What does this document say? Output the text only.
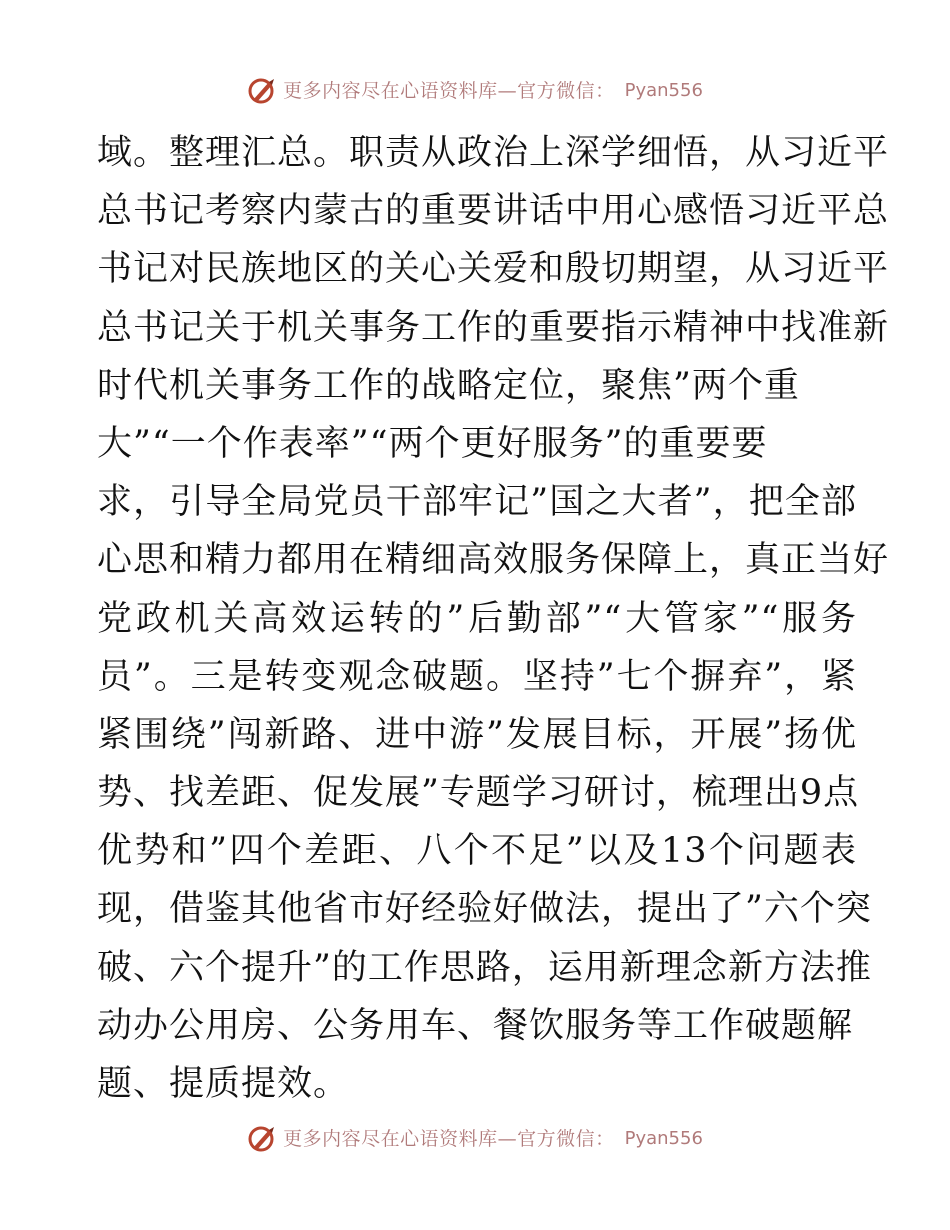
更多内容尽在心语资料库—官方微信： Pyan556
域。整理汇总。职责从政治上深学细悟，从习近平
总书记考察内蒙古的重要讲话中用心感悟习近平总
书记对民族地区的关心关爱和殷切期望，从习近平
总书记关于机关事务工作的重要指示精神中找准新
时代机关事务工作的战略定位，聚焦”两个重
大”“一个作表率”“两个更好服务”的重要要
求，引导全局党员干部牢记”国之大者”，把全部
心思和精力都用在精细高效服务保障上，真正当好
党政机关高效运转的”后勤部”“大管家”“服务
员”。三是转变观念破题。坚持”七个摒弃”，紧
紧围绕”闯新路、进中游”发展目标，开展”扬优
势、找差距、促发展”专题学习研讨，梳理出9点
优势和”四个差距、八个不足”以及13个问题表
现，借鉴其他省市好经验好做法，提出了”六个突
破、六个提升”的工作思路，运用新理念新方法推
动办公用房、公务用车、餐饮服务等工作破题解
题、提质提效。
更多内容尽在心语资料库—官方微信： Pyan556
